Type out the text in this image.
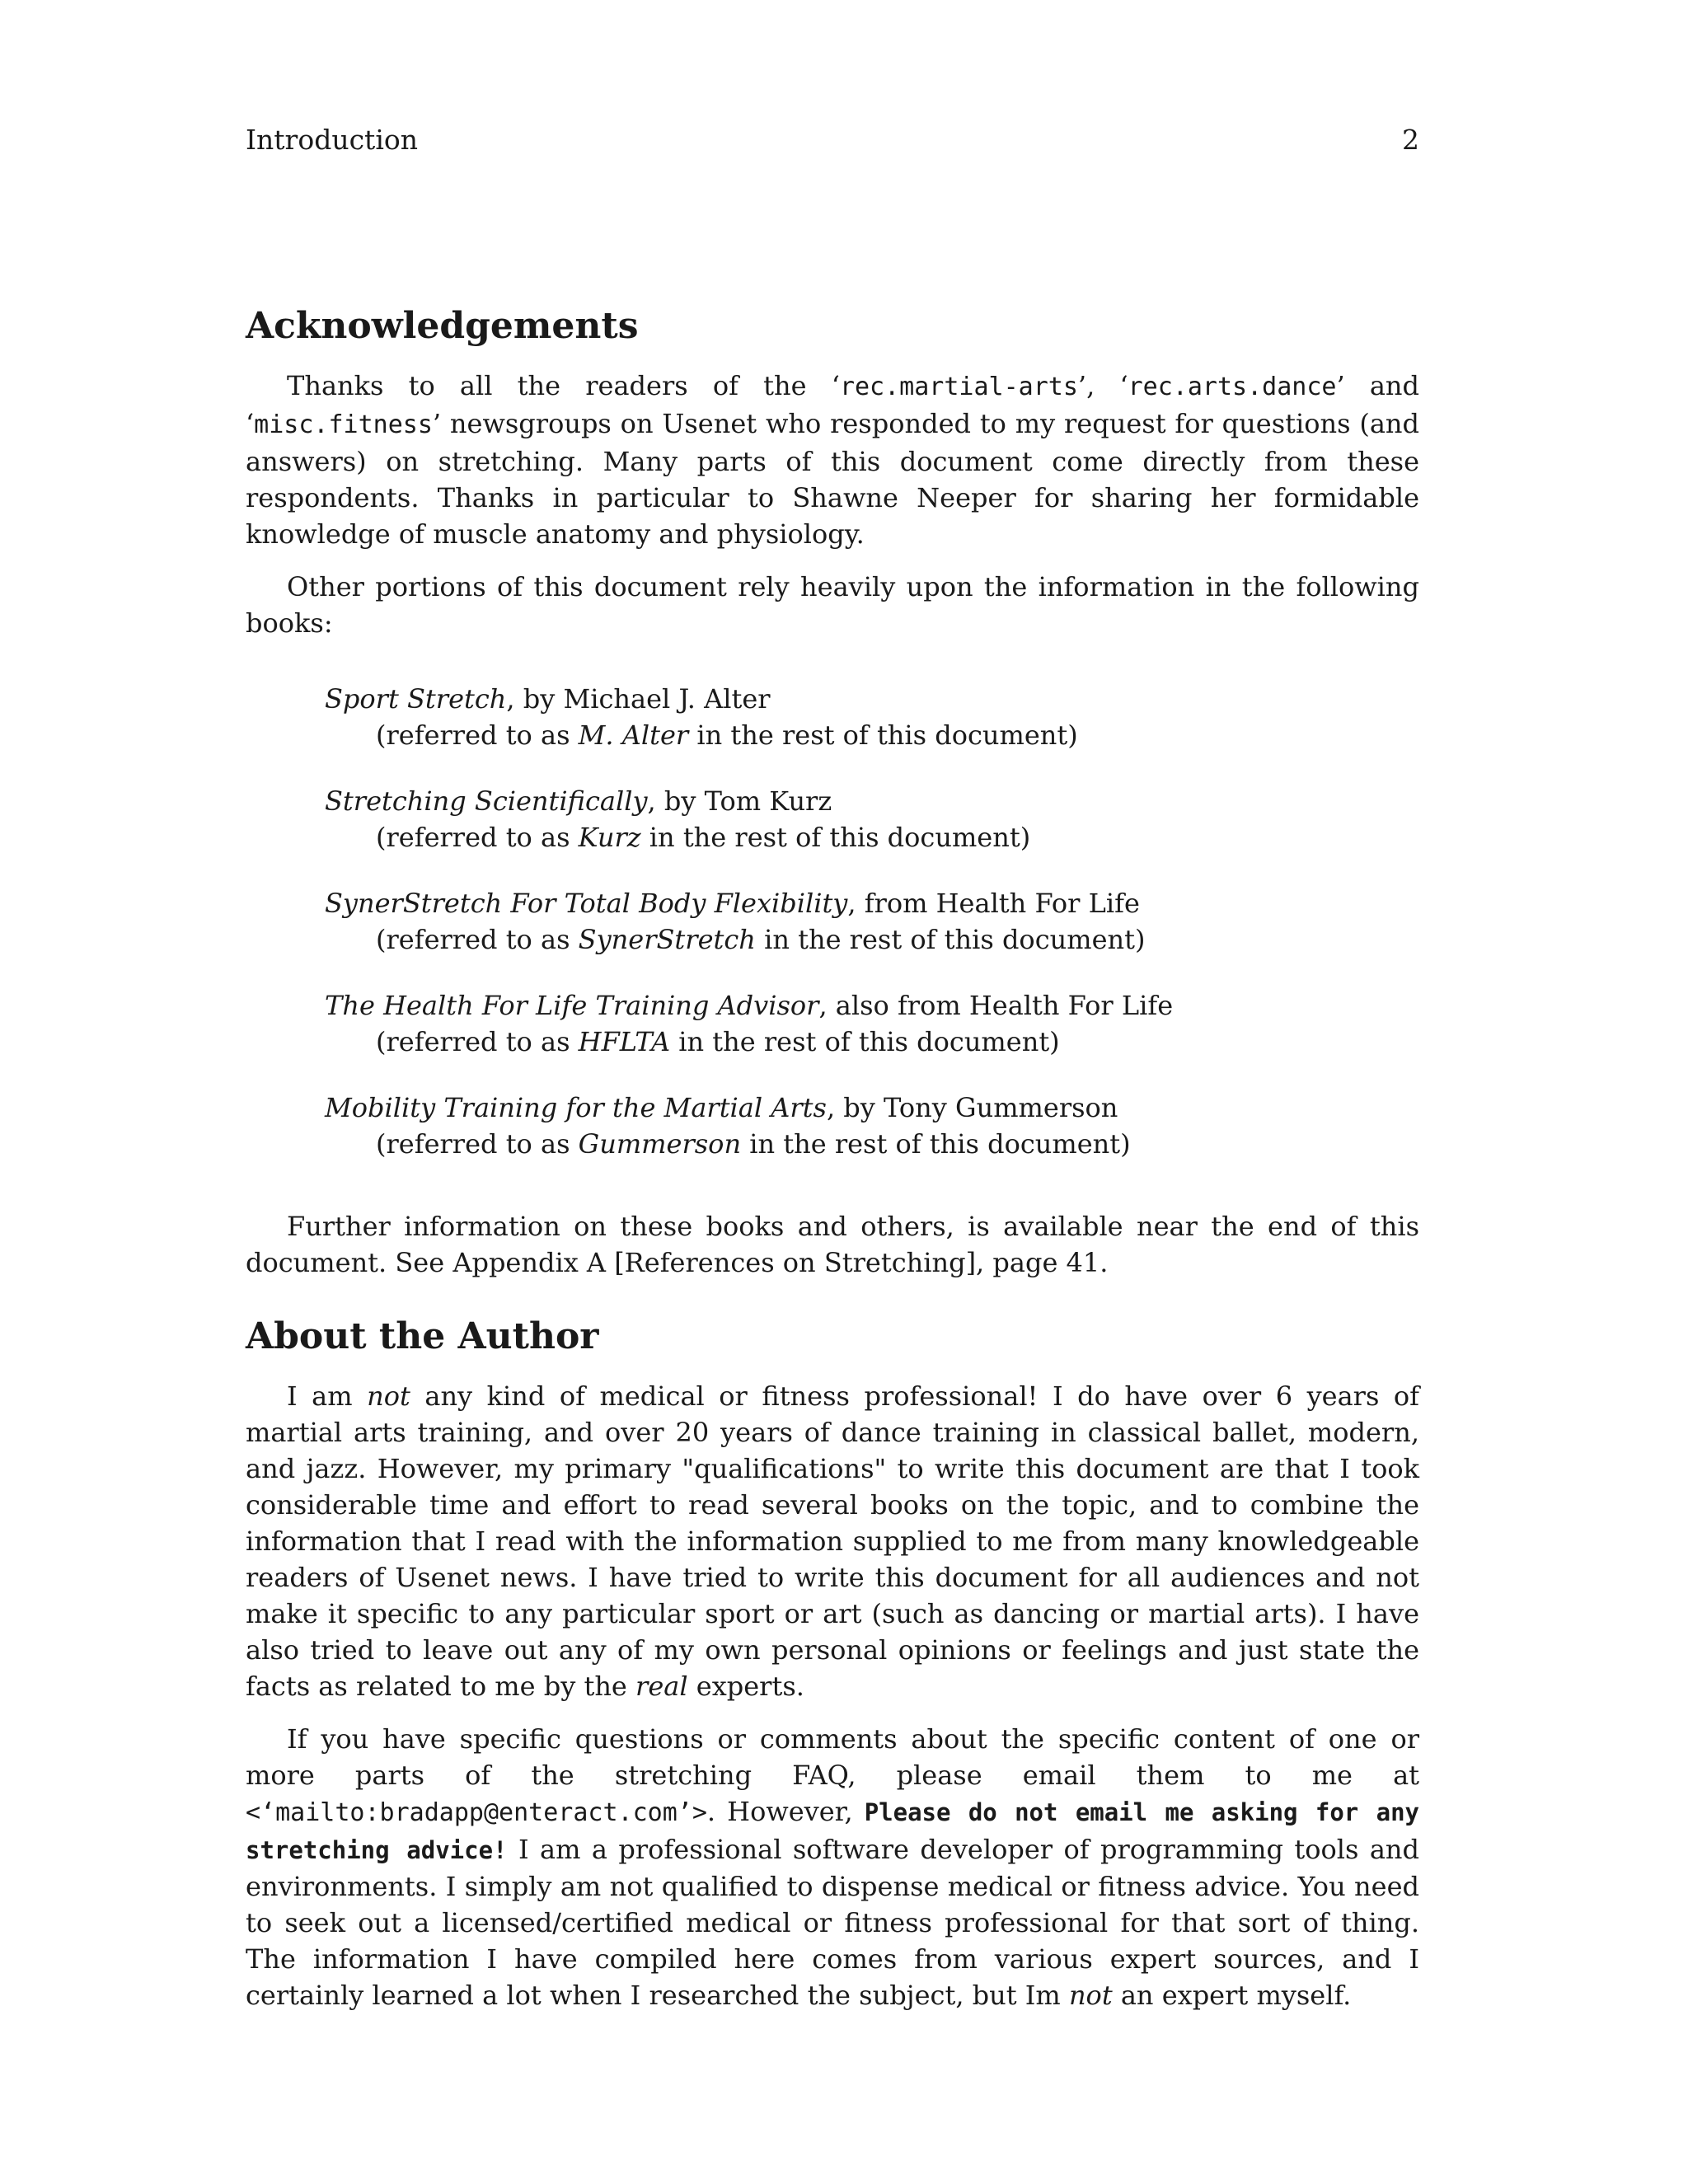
Introduction	2
Acknowledgements

Thanks to all the readers of the ‘rec.martial-arts’, ‘rec.arts.dance’ and ‘misc.fitness’ newsgroups on Usenet who responded to my request for questions (and answers) on stretching. Many parts of this document come directly from these respondents. Thanks in particular to Shawne Neeper for sharing her formidable knowledge of muscle anatomy and physiology.

Other portions of this document rely heavily upon the information in the following books:

Sport Stretch, by Michael J. Alter
(referred to as M. Alter in the rest of this document)
Stretching Scientifically, by Tom Kurz
(referred to as Kurz in the rest of this document)
SynerStretch For Total Body Flexibility, from Health For Life
(referred to as SynerStretch in the rest of this document)
The Health For Life Training Advisor, also from Health For Life
(referred to as HFLTA in the rest of this document)
Mobility Training for the Martial Arts, by Tony Gummerson
(referred to as Gummerson in the rest of this document)

Further information on these books and others, is available near the end of this document. See Appendix A [References on Stretching], page 41.

About the Author

I am not any kind of medical or fitness professional! I do have over 6 years of martial arts training, and over 20 years of dance training in classical ballet, modern, and jazz. However, my primary "qualifications" to write this document are that I took considerable time and effort to read several books on the topic, and to combine the information that I read with the information supplied to me from many knowledgeable readers of Usenet news. I have tried to write this document for all audiences and not make it specific to any particular sport or art (such as dancing or martial arts). I have also tried to leave out any of my own personal opinions or feelings and just state the facts as related to me by the real experts.

If you have specific questions or comments about the specific content of one or more parts of the stretching FAQ, please email them to me at <‘mailto:bradapp@enteract.com’>. However, Please do not email me asking for any stretching advice! I am a professional software developer of programming tools and environments. I simply am not qualified to dispense medical or fitness advice. You need to seek out a licensed/certified medical or fitness professional for that sort of thing. The information I have compiled here comes from various expert sources, and I certainly learned a lot when I researched the subject, but Im not an expert myself.
